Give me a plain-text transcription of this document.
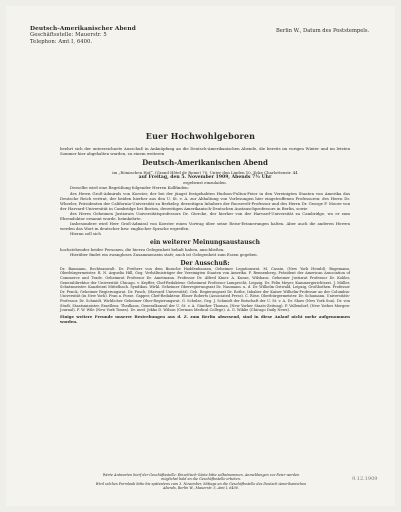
Deutsch-Amerikanischer Abend
Geschäftsstelle: Mauerstr. 5
Telephon: Amt I, 6400.
Berlin W., Datum des Poststempels.
Euer Hochwohlgeboren

beehrt sich der unterzeichnete Ausschuß in Anknüpfung an die Deutsch-Amerikanischen Abende, die bereits im vorigen Winter und im letzten Sommer hier abgehalten wurden, zu einem weiteren

Deutsch-Amerikanischen Abend
im „Römischen Hof“, (Grand Hôtel de Rome) 70, Unter den Linden 10, Ecke Charlottenstr. 44
auf Freitag, den 5. November 1909, Abends 7½ Uhr
ergebenst einzuladen.

Derselbe wird eine Begrüßung folgender Herren Kollfinden:

des Herrn Groß-Admirals von Koester, der bei der jüngst festgehabten Hudson-Fulton-Feier in den Vereinigten Staaten von Amerika das Deutsche Reich vertrat, der beiden hierher aus den U. St. v. A. zur Abhaltung von Vorlesungen hier eingetroffenen Professoren: des Herrn Dr. Wheeler, Präsidenten der California-Universität zu Berkeley, derzeitigen Inhabers der Roosevelt-Professur und des Herrn Dr. George F. Moore von der Harvard-Universität in Cambridge bei Boston, derzeitigen Amerikanisch-Deutschen Austauschprofessors in Berlin, sowie

des Herrn Geheimen Justizrats Universitätsprofessors Dr. Giercke, der hierher von der Harvard-Universität zu Cambridge, wo er zum Ehrendoktor ernannt wurde, heimkehrte.

Insbesondere wird Herr Groß-Admiral von Koester einen Vortrag über seine Reise-Erinnerungen halten. Aber auch die anderen Herren werden das Wort in deutscher bzw. englischer Sprache ergreifen.

Hieran soll sich

ein weiterer Meinungsaustausch

hochstehender beider Personen, die hierzu Gelegenheit behalt haben, anschließen.

Hierüber findet ein zwangloses Zusammensein statt; auch ist Gelegenheit zum Essen gegeben.

Der Ausschuß:

Dr. Baumann, Rechtsanwalt. Dr. Freiherr von dem Bussche Haddenhausen, Geheimer Legationsrat. M. Cassin, (New York Herald). Bugemann, Oberbürgermeister. R. N. Arguelio Hill, Geg. Verhältnisträger der Vereinigten Staaten von Amerika. F. Bennenberg, Präsident der American Association of Commerce and Trade. Geheimrat Professor Dr. Ametmann. Professor Dr. Alfred Kiner. A. Kunze, Wilshaus. Geheimer Justizrat Professor Dr. Kohler, Generaldirektor der Universität Chicago. v. Keyffer, Chef-Redakteur. Geheimrat Professor Lamprecht, Leipzig. Dr. Felix Meyer, Kammergerichtsrat. J. Müller, Schatzmeister. Kanzleirat Mittelbach. Syndikus. Wirkl. Geheimer Oberregierungsrat Dr. Naumann. u. d. Dr. Wilhelm Ostwald, Leipzig, Großbothen. Professor Dr. Penck, Geheimer Regierungsrat. Dr. Pusch, (Harvard Universität). Geh. Regierungsrat Dr. Rothe, Inhaber der Kaiser Wilhelm-Professur an der Columbia-Universität (in New York). Fran a. Posse. Gapper, Chef-Redakteur. Elmer Roberts (Associated Press). C. Röse, Oberbürgermeister. Dr. Schumann, Universitäts-Professor. Dr. Schmidt, Wirklicher Geheimer Ober-Regierungsrat. G. Schulze, Geg. J. Schmidt der Botschaft der U. St. v. A. Dr. Shaw (New York Sun). Dr. von Studt, Staatsminister, Exzellenz. Thedhaus, Generalkonsul der U. St. v. A. Günther Thomas, (New Yorker Staats-Zeitung). P. Vallendorf, (New Yorker Morgen-Journal). F. W. Wile (New York Times). Dr. med. Jekko D. Wilson (German Medical College). A. G. Wiklie (Chicago Daily News).

Einige weitere Freunde unserer Bestrebungen aus d. Z. zum Berlin abwesend, sind in diese Anlauf nicht mehr aufgenommen worden.

Werte Antworten hierf der Geschäftsstelle: Einzeltisch-Gäste bitte selbstnommen. Anmeldungen zur Feier werden möglichst bald an die Geschäftsstelle erbeten.
Wird solches Formlaub bitte bis spätestens zum 3. November, Mittags an die Geschäftsstelle des Deutsch-Amerikanischen Abends, Berlin W., Mauerstr. 5, Amt I, 6400.
9.12.1909
